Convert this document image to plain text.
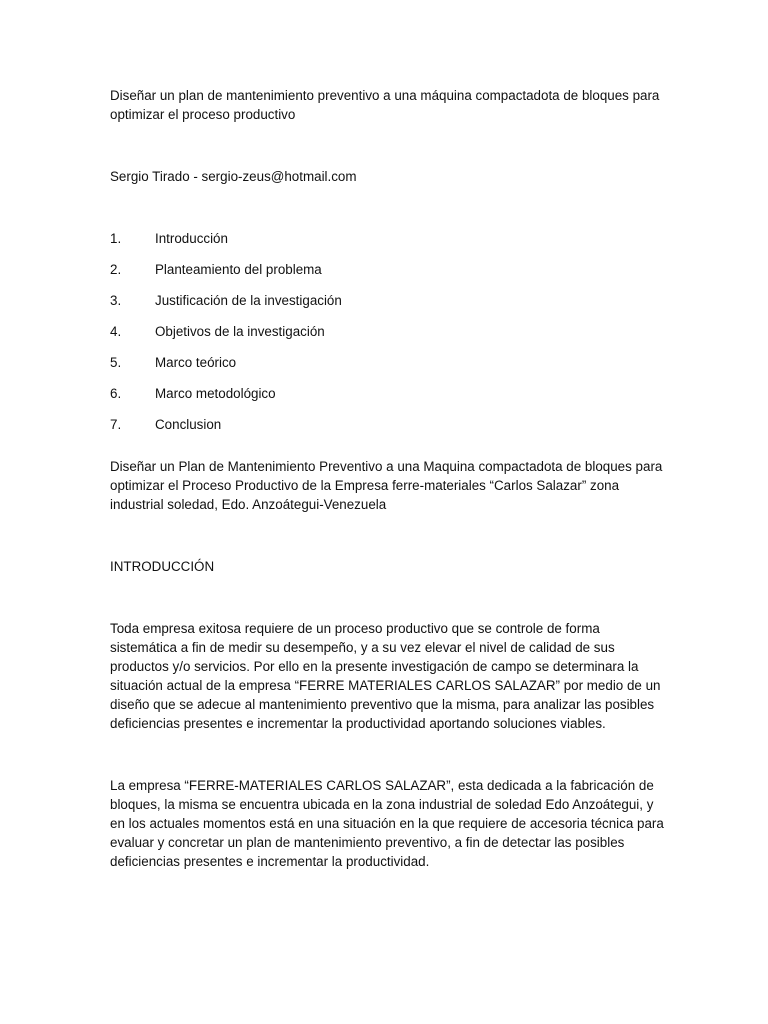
Diseñar un plan de mantenimiento preventivo a una máquina compactadota de bloques para optimizar el proceso productivo

Sergio Tirado - sergio-zeus@hotmail.com

1.	Introducción
2.	Planteamiento del problema
3.	Justificación de la investigación
4.	Objetivos de la investigación
5.	Marco teórico
6.	Marco metodológico
7.	Conclusion

Diseñar un Plan de Mantenimiento Preventivo a una Maquina compactadota de bloques para optimizar el Proceso Productivo de la Empresa ferre-materiales “Carlos Salazar” zona industrial soledad, Edo. Anzoátegui-Venezuela

INTRODUCCIÓN

Toda empresa exitosa requiere de un proceso productivo que se controle de forma sistemática a fin de medir su desempeño, y a su vez elevar el nivel de calidad de sus productos y/o servicios. Por ello en la presente investigación de campo se determinara la situación actual de la empresa “FERRE MATERIALES CARLOS SALAZAR” por medio de un diseño que se adecue al mantenimiento preventivo que la misma, para analizar las posibles deficiencias presentes e incrementar la productividad aportando soluciones viables.

La empresa “FERRE-MATERIALES CARLOS SALAZAR”, esta dedicada a la fabricación de bloques, la misma se encuentra ubicada en la zona industrial de soledad Edo Anzoátegui, y en los actuales momentos está en una situación en la que requiere de accesoria técnica para evaluar y concretar un plan de mantenimiento preventivo, a fin de detectar las posibles deficiencias presentes e incrementar la productividad.
